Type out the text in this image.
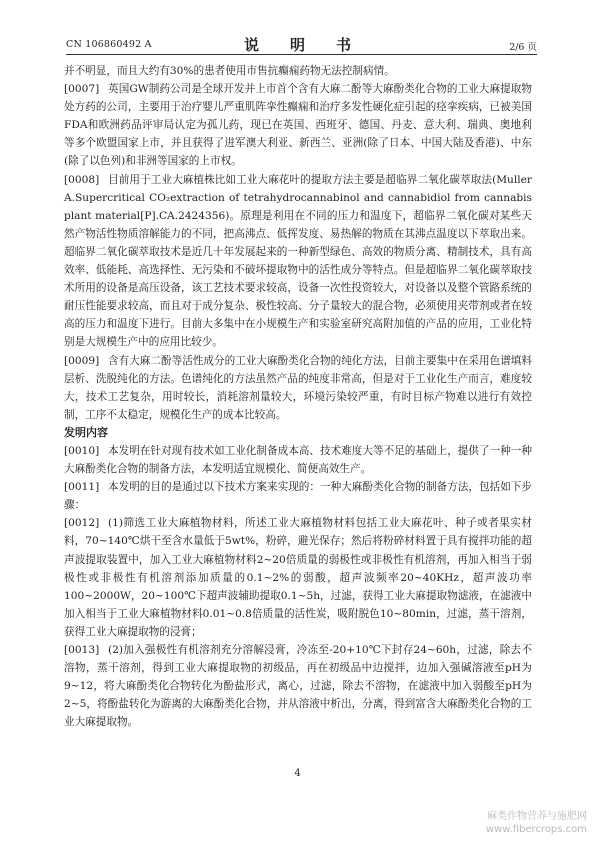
CN 106860492 A	说　明　书	2/6 页

并不明显，而且大约有30%的患者使用市售抗癫痫药物无法控制病情。

[0007] 英国GW制药公司是全球开发并上市首个含有大麻二酚等大麻酚类化合物的工业大麻提取物处方药的公司，主要用于治疗婴儿严重肌阵挛性癫痫和治疗多发性硬化症引起的痉挛疾病，已被美国FDA和欧洲药品评审局认定为孤儿药，现已在英国、西班牙、德国、丹麦、意大利、瑞典、奥地利等多个欧盟国家上市，并且获得了进军澳大利亚、新西兰、亚洲(除了日本、中国大陆及香港)、中东(除了以色列)和非洲等国家的上市权。

[0008] 目前用于工业大麻植株比如工业大麻花叶的提取方法主要是超临界二氧化碳萃取法(Muller A.Supercritical CO₂extraction of tetrahydrocannabinol and cannabidiol from cannabis plant material[P].CA.2424356)。原理是利用在不同的压力和温度下，超临界二氧化碳对某些天然产物活性物质溶解能力的不同，把高沸点、低挥发度、易热解的物质在其沸点温度以下萃取出来。超临界二氧化碳萃取技术是近几十年发展起来的一种新型绿色、高效的物质分离、精制技术，具有高效率、低能耗、高选择性、无污染和不破坏提取物中的活性成分等特点。但是超临界二氧化碳萃取技术所用的设备是高压设备，该工艺技术要求较高，设备一次性投资较大，对设备以及整个管路系统的耐压性能要求较高，而且对于成分复杂、极性较高、分子量较大的混合物，必须使用夹带剂或者在较高的压力和温度下进行。目前大多集中在小规模生产和实验室研究高附加值的产品的应用，工业化特别是大规模生产中的应用比较少。

[0009] 含有大麻二酚等活性成分的工业大麻酚类化合物的纯化方法，目前主要集中在采用色谱填料层析、洗脱纯化的方法。色谱纯化的方法虽然产品的纯度非常高，但是对于工业化生产而言，难度较大，技术工艺复杂，用时较长，消耗溶剂量较大，环境污染较严重，有时目标产物难以进行有效控制，工序不太稳定，规模化生产的成本比较高。

发明内容

[0010] 本发明在针对现有技术如工业化制备成本高、技术难度大等不足的基础上，提供了一种一种大麻酚类化合物的制备方法，本发明适宜规模化、简便高效生产。

[0011] 本发明的目的是通过以下技术方案来实现的：一种大麻酚类化合物的制备方法，包括如下步骤：

[0012] (1)筛选工业大麻植物材料，所述工业大麻植物材料包括工业大麻花叶、种子或者果实材料，70~140℃烘干至含水量低于5wt%，粉碎，避光保存；然后将粉碎材料置于具有搅拌功能的超声波提取装置中，加入工业大麻植物材料2~20倍质量的弱极性或非极性有机溶剂，再加入相当于弱极性或非极性有机溶剂添加质量的0.1~2%的弱酸，超声波频率20~40KHz，超声波功率100~2000W，20~100℃下超声波辅助提取0.1~5h，过滤，获得工业大麻提取物滤液，在滤液中加入相当于工业大麻植物材料0.01~0.8倍质量的活性炭，吸附脱色10~80min，过滤，蒸干溶剂，获得工业大麻提取物的浸膏；

[0013] (2)加入强极性有机溶剂充分溶解浸膏，冷冻至-20+10℃下封存24~60h，过滤，除去不溶物，蒸干溶剂，得到工业大麻提取物的初级品，再在初级品中边搅拌，边加入强碱溶液至pH为9~12，将大麻酚类化合物转化为酚盐形式，离心，过滤，除去不溶物，在滤液中加入弱酸至pH为2~5，将酚盐转化为游离的大麻酚类化合物，并从溶液中析出，分离，得到富含大麻酚类化合物的工业大麻提取物。

4
麻类作物营养与施肥网
www.fibercrops.com
